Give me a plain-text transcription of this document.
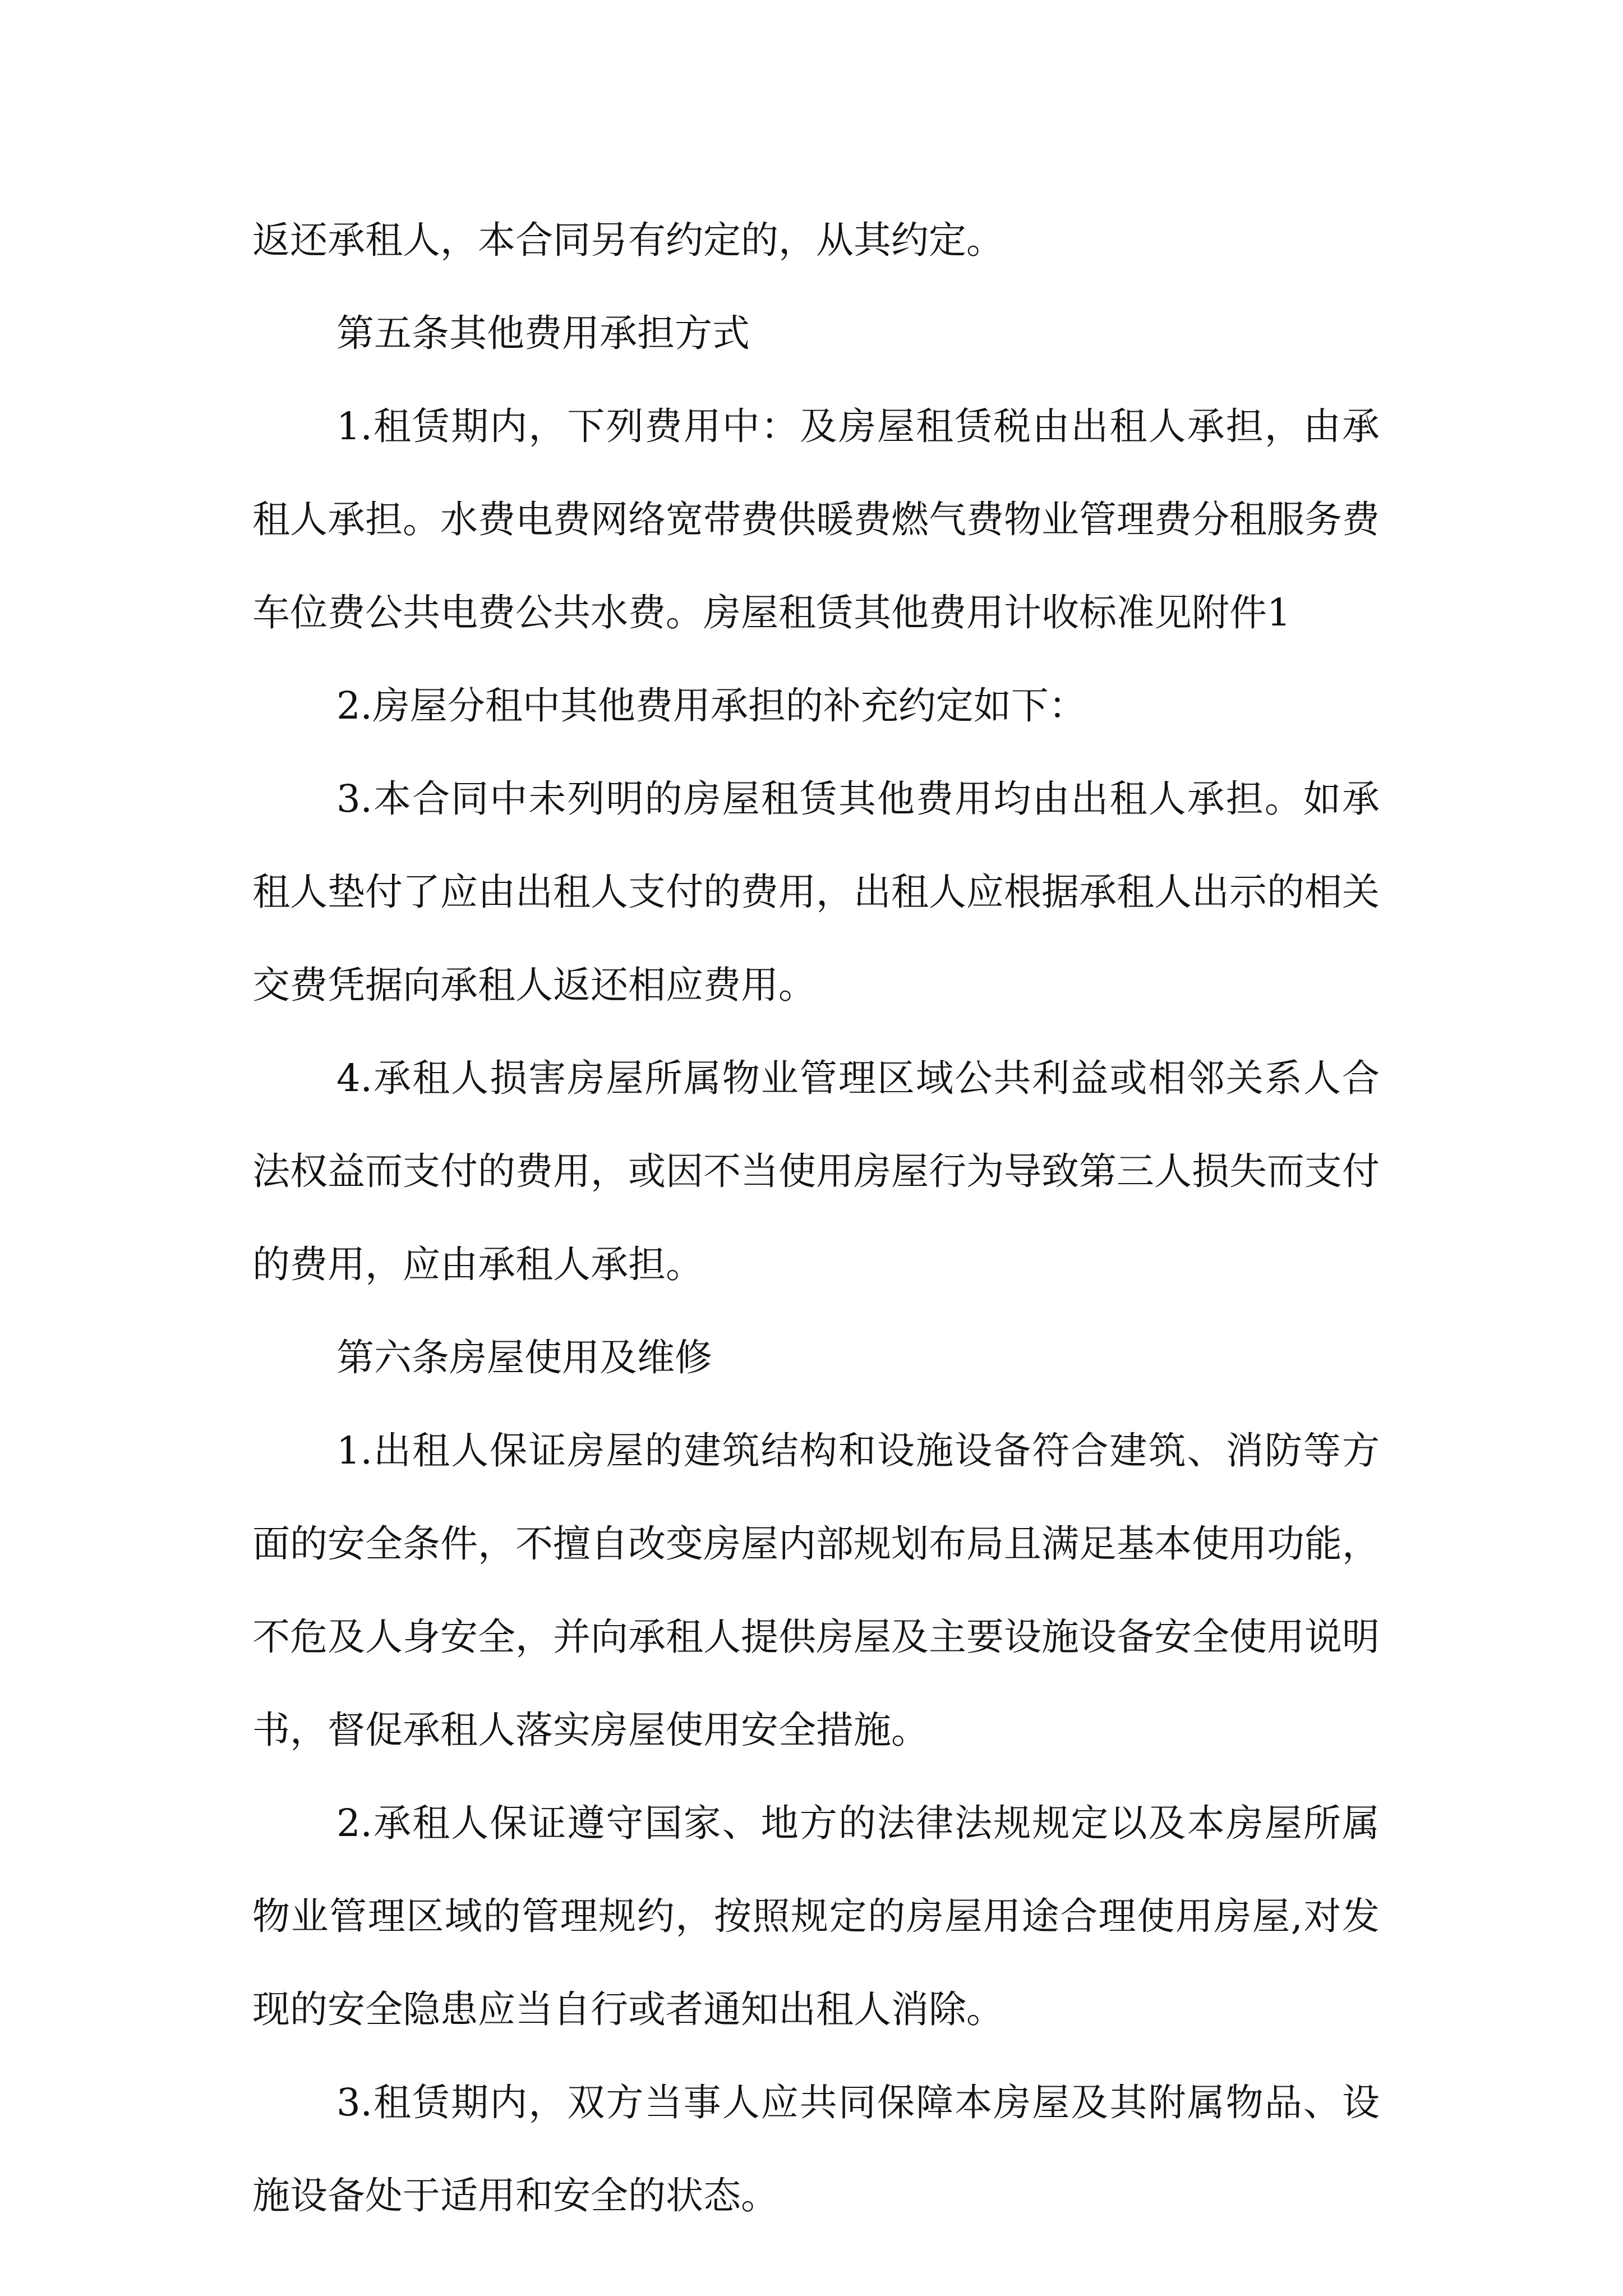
返还承租人，本合同另有约定的，从其约定。

第五条其他费用承担方式

1.租赁期内，下列费用中：及房屋租赁税由出租人承担，由承租人承担。水费电费网络宽带费供暖费燃气费物业管理费分租服务费车位费公共电费公共水费。房屋租赁其他费用计收标准见附件1

2.房屋分租中其他费用承担的补充约定如下：

3.本合同中未列明的房屋租赁其他费用均由出租人承担。如承租人垫付了应由出租人支付的费用，出租人应根据承租人出示的相关交费凭据向承租人返还相应费用。

4.承租人损害房屋所属物业管理区域公共利益或相邻关系人合法权益而支付的费用，或因不当使用房屋行为导致第三人损失而支付的费用，应由承租人承担。

第六条房屋使用及维修

1.出租人保证房屋的建筑结构和设施设备符合建筑、消防等方面的安全条件，不擅自改变房屋内部规划布局且满足基本使用功能，不危及人身安全，并向承租人提供房屋及主要设施设备安全使用说明书，督促承租人落实房屋使用安全措施。

2.承租人保证遵守国家、地方的法律法规规定以及本房屋所属物业管理区域的管理规约，按照规定的房屋用途合理使用房屋,对发现的安全隐患应当自行或者通知出租人消除。

3.租赁期内，双方当事人应共同保障本房屋及其附属物品、设施设备处于适用和安全的状态。
